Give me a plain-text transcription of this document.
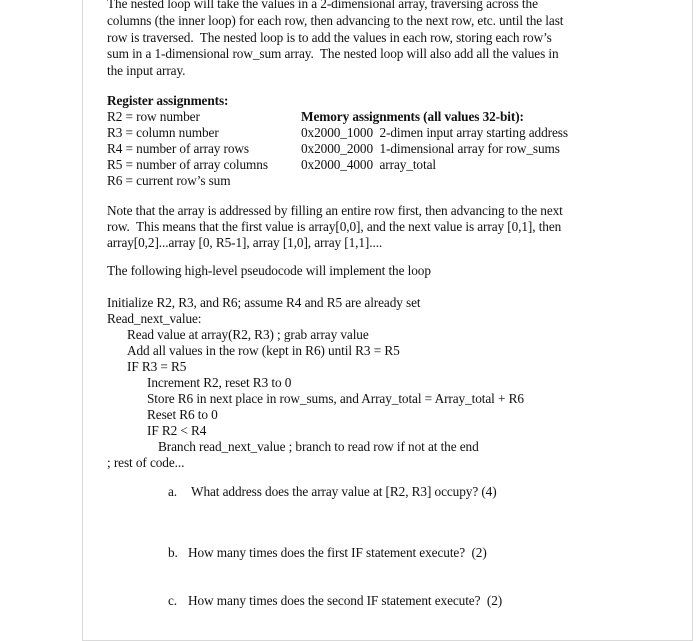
The nested loop will take the values in a 2-dimensional array, traversing across the
columns (the inner loop) for each row, then advancing to the next row, etc. until the last
row is traversed.  The nested loop is to add the values in each row, storing each row’s
sum in a 1-dimensional row_sum array.  The nested loop will also add all the values in
the input array.
Register assignments:
R2 = row number
R3 = column number
R4 = number of array rows
R5 = number of array columns
R6 = current row’s sum
Memory assignments (all values 32-bit):
0x2000_1000  2-dimen input array starting address
0x2000_2000  1-dimensional array for row_sums
0x2000_4000  array_total
Note that the array is addressed by filling an entire row first, then advancing to the next
row.  This means that the first value is array[0,0], and the next value is array [0,1], then
array[0,2]...array [0, R5-1], array [1,0], array [1,1]....
The following high-level pseudocode will implement the loop
Initialize R2, R3, and R6; assume R4 and R5 are already set
Read_next_value:
Read value at array(R2, R3) ; grab array value
Add all values in the row (kept in R6) until R3 = R5
IF R3 = R5
Increment R2, reset R3 to 0
Store R6 in next place in row_sums, and Array_total = Array_total + R6
Reset R6 to 0
IF R2 < R4
Branch read_next_value ; branch to read row if not at the end
; rest of code...
a. What address does the array value at [R2, R3] occupy? (4)
b. How many times does the first IF statement execute?  (2)
c. How many times does the second IF statement execute?  (2)
